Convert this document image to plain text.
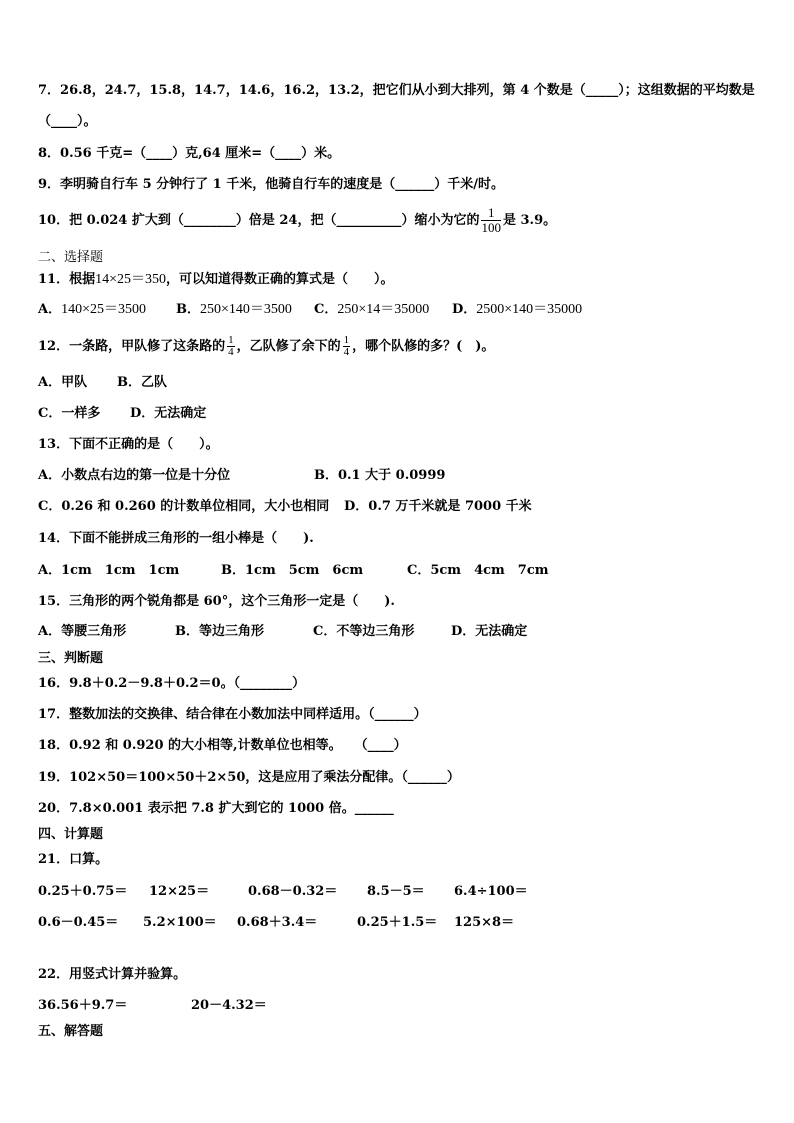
7．26.8，24.7，15.8，14.7，14.6，16.2，13.2，把它们从小到大排列，第 4 个数是（_____）；这组数据的平均数是
（____）。
8．0.56 千克=（____）克,64 厘米=（____）米。
9．李明骑自行车 5 分钟行了 1 千米，他骑自行车的速度是（______）千米/时。
10．把 0.024 扩大到（________）倍是 24，把（__________）缩小为它的 $\frac{1}{100}$ 是 3.9。
二、选择题
11．根据14×25＝350，可以知道得数正确的算式是（　　）。
A．140×25＝3500 B．250×140＝3500 C．250×14＝35000 D．2500×140＝35000
12．一条路，甲队修了这条路的 $\frac{1}{4}$ ，乙队修了余下的 $\frac{1}{4}$ ，哪个队修的多？(　)。
A．甲队 B．乙队
C．一样多 D．无法确定
13．下面不正确的是（　　）。
A．小数点右边的第一位是十分位	B．0.1 大于 0.0999
C．0.26 和 0.260 的计数单位相同，大小也相同 D．0.7 万千米就是 7000 千米
14．下面不能拼成三角形的一组小棒是（　　).
A．1cm　1cm　1cm	B．1cm　5cm　6cm	C．5cm　4cm　7cm
15．三角形的两个锐角都是 60°，这个三角形一定是（　　).
A．等腰三角形	B．等边三角形	C．不等边三角形	D．无法确定
三、判断题
16．9.8＋0.2－9.8＋0.2＝0。（________）
17．整数加法的交换律、结合律在小数加法中同样适用。（______）
18．0.92 和 0.920 的大小相等,计数单位也相等。　　（____）
19．102×50＝100×50＋2×50，这是应用了乘法分配律。（______）
20．7.8×0.001 表示把 7.8 扩大到它的 1000 倍。______
四、计算题
21．口算。
0.25＋0.75＝ 12×25＝	0.68－0.32＝ 8.5－5＝ 6.4÷100＝
0.6－0.45＝ 5.2×100＝ 0.68＋3.4＝	0.25＋1.5＝ 125×8＝
22．用竖式计算并验算。
36.56＋9.7＝	20－4.32＝
五、解答题
